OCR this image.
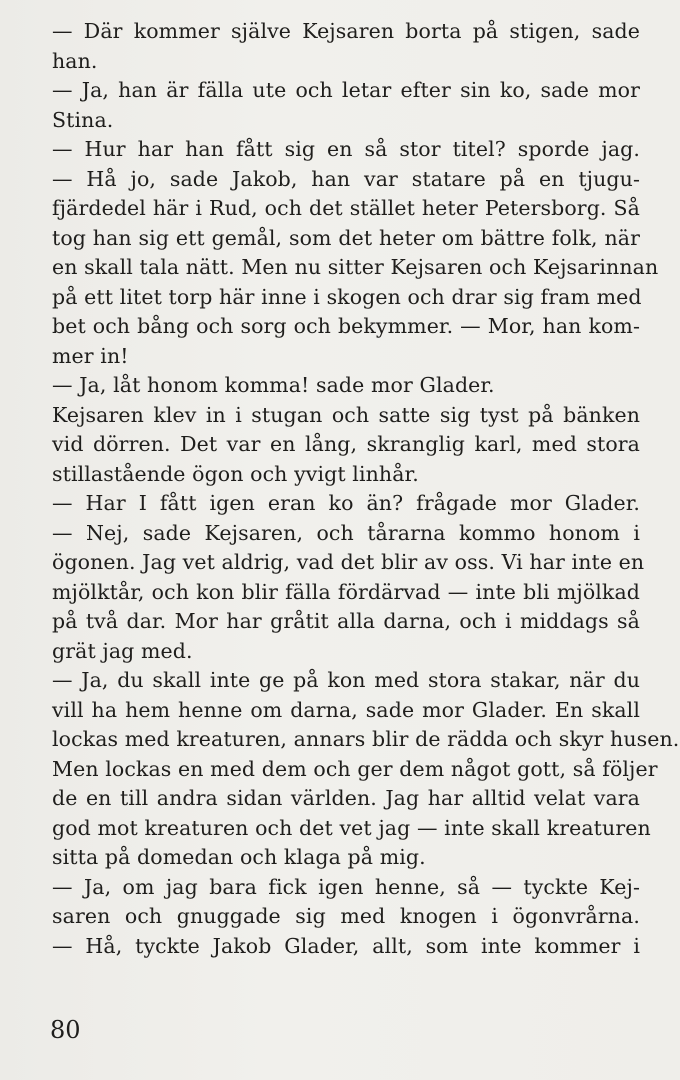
— Där kommer själve Kejsaren borta på stigen, sade
han.
— Ja, han är fälla ute och letar efter sin ko, sade mor
Stina.
— Hur har han fått sig en så stor titel? sporde jag.
— Hå jo, sade Jakob, han var statare på en tjugu-
fjärdedel här i Rud, och det stället heter Petersborg. Så
tog han sig ett gemål, som det heter om bättre folk, när
en skall tala nätt. Men nu sitter Kejsaren och Kejsarinnan
på ett litet torp här inne i skogen och drar sig fram med
bet och bång och sorg och bekymmer. — Mor, han kom-
mer in!
— Ja, låt honom komma! sade mor Glader.
Kejsaren klev in i stugan och satte sig tyst på bänken
vid dörren. Det var en lång, skranglig karl, med stora
stillastående ögon och yvigt linhår.
— Har I fått igen eran ko än? frågade mor Glader.
— Nej, sade Kejsaren, och tårarna kommo honom i
ögonen. Jag vet aldrig, vad det blir av oss. Vi har inte en
mjölktår, och kon blir fälla fördärvad — inte bli mjölkad
på två dar. Mor har gråtit alla darna, och i middags så
grät jag med.
— Ja, du skall inte ge på kon med stora stakar, när du
vill ha hem henne om darna, sade mor Glader. En skall
lockas med kreaturen, annars blir de rädda och skyr husen.
Men lockas en med dem och ger dem något gott, så följer
de en till andra sidan världen. Jag har alltid velat vara
god mot kreaturen och det vet jag — inte skall kreaturen
sitta på domedan och klaga på mig.
— Ja, om jag bara fick igen henne, så — tyckte Kej-
saren och gnuggade sig med knogen i ögonvrårna.
— Hå, tyckte Jakob Glader, allt, som inte kommer i
80
